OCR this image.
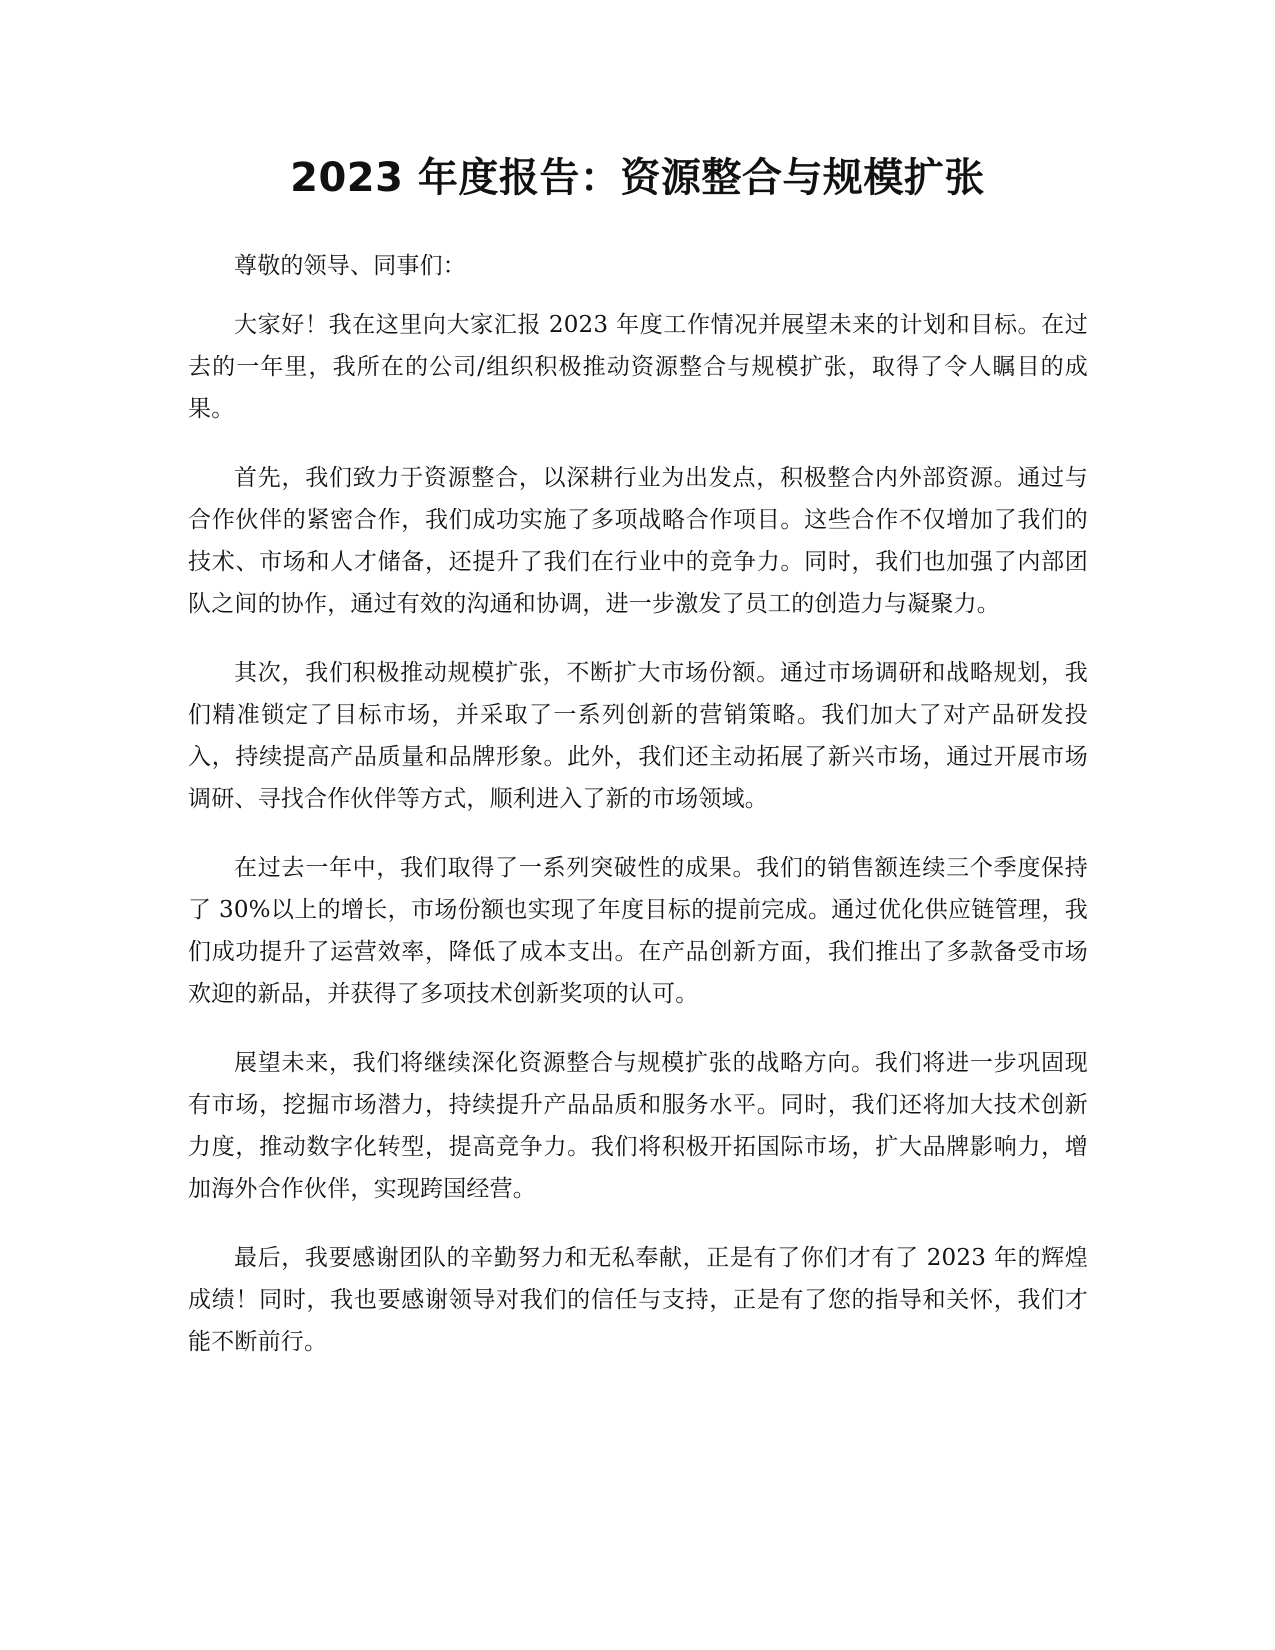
2023 年度报告：资源整合与规模扩张

尊敬的领导、同事们：

大家好！我在这里向大家汇报 2023 年度工作情况并展望未来的计划和目标。在过去的一年里，我所在的公司/组织积极推动资源整合与规模扩张，取得了令人瞩目的成果。

首先，我们致力于资源整合，以深耕行业为出发点，积极整合内外部资源。通过与合作伙伴的紧密合作，我们成功实施了多项战略合作项目。这些合作不仅增加了我们的技术、市场和人才储备，还提升了我们在行业中的竞争力。同时，我们也加强了内部团队之间的协作，通过有效的沟通和协调，进一步激发了员工的创造力与凝聚力。

其次，我们积极推动规模扩张，不断扩大市场份额。通过市场调研和战略规划，我们精准锁定了目标市场，并采取了一系列创新的营销策略。我们加大了对产品研发投入，持续提高产品质量和品牌形象。此外，我们还主动拓展了新兴市场，通过开展市场调研、寻找合作伙伴等方式，顺利进入了新的市场领域。

在过去一年中，我们取得了一系列突破性的成果。我们的销售额连续三个季度保持了 30%以上的增长，市场份额也实现了年度目标的提前完成。通过优化供应链管理，我们成功提升了运营效率，降低了成本支出。在产品创新方面，我们推出了多款备受市场欢迎的新品，并获得了多项技术创新奖项的认可。

展望未来，我们将继续深化资源整合与规模扩张的战略方向。我们将进一步巩固现有市场，挖掘市场潜力，持续提升产品品质和服务水平。同时，我们还将加大技术创新力度，推动数字化转型，提高竞争力。我们将积极开拓国际市场，扩大品牌影响力，增加海外合作伙伴，实现跨国经营。

最后，我要感谢团队的辛勤努力和无私奉献，正是有了你们才有了 2023 年的辉煌成绩！同时，我也要感谢领导对我们的信任与支持，正是有了您的指导和关怀，我们才能不断前行。
